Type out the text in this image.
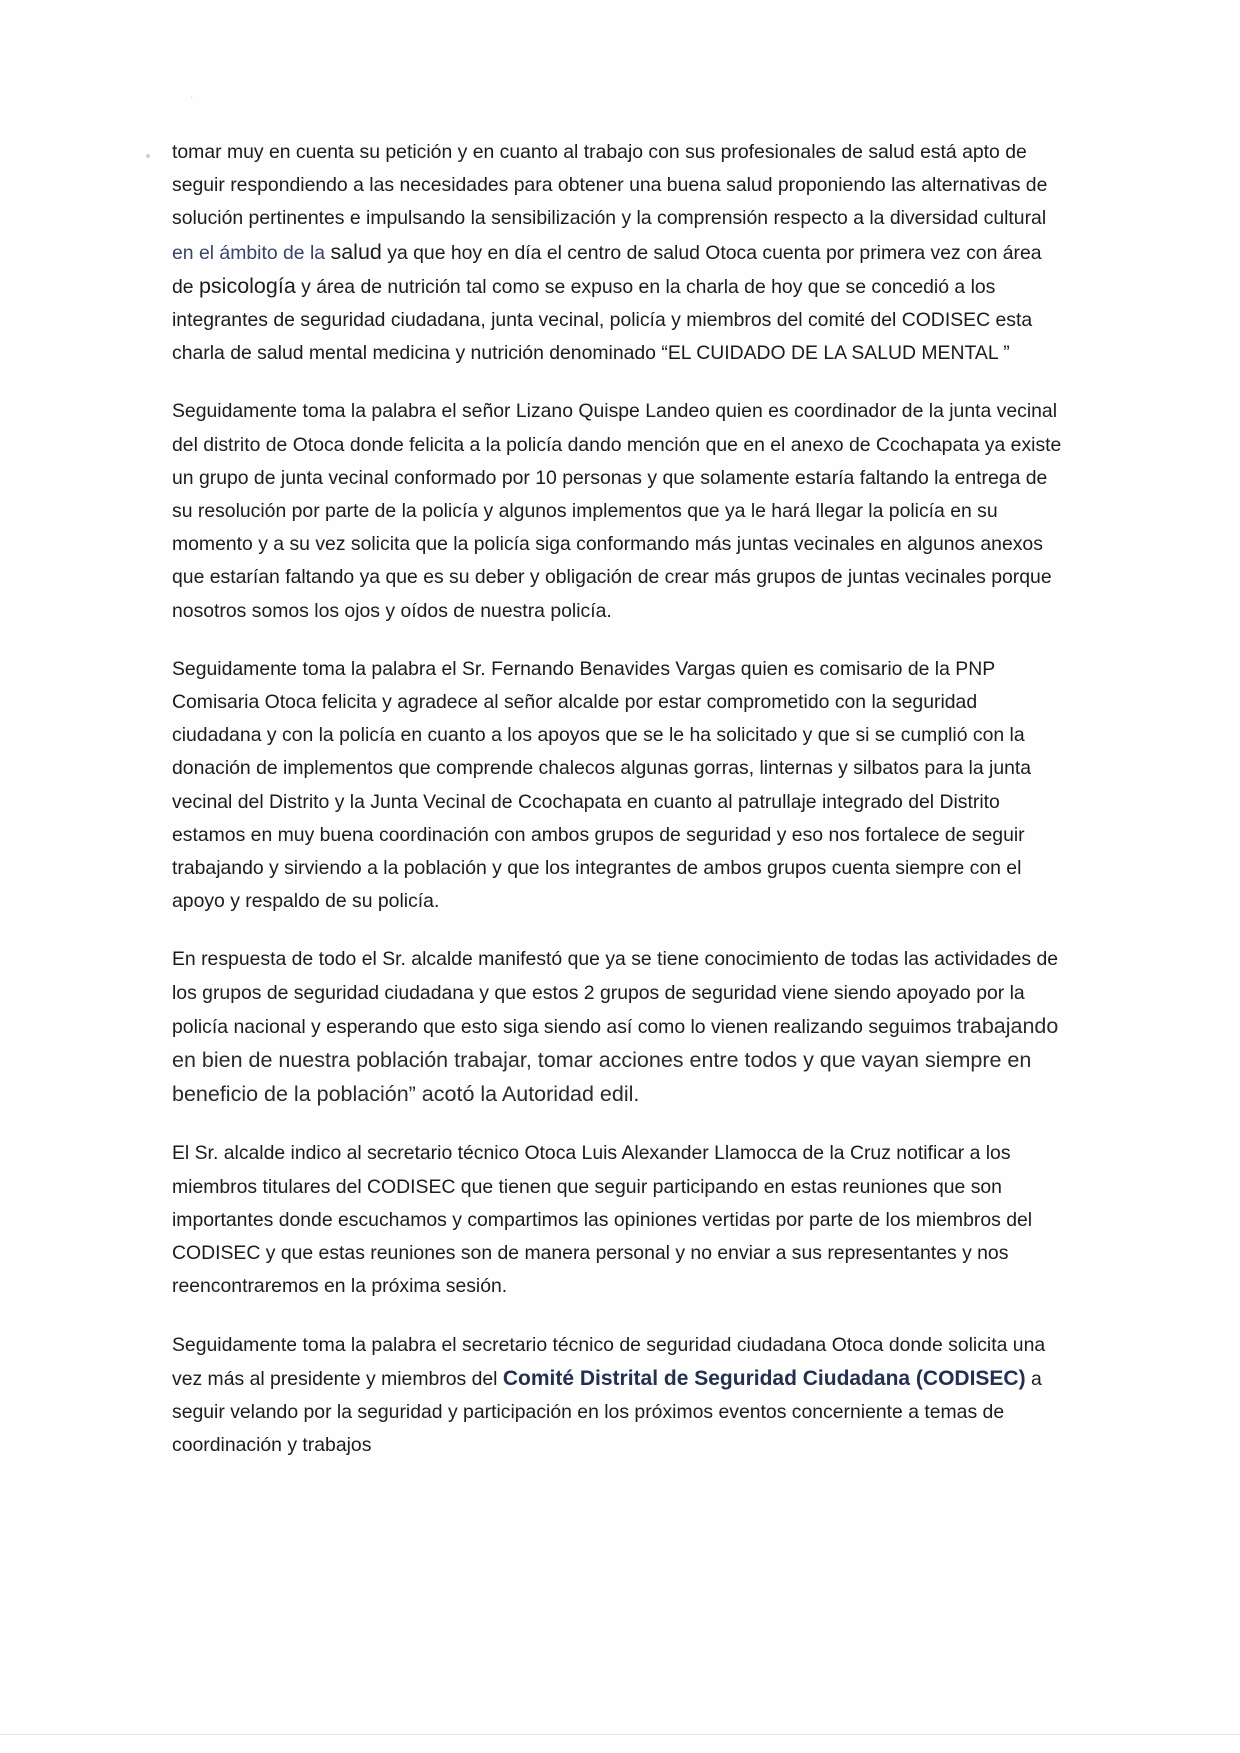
·

tomar muy en cuenta su petición y en cuanto al trabajo con sus profesionales de salud está apto de seguir respondiendo a las necesidades para obtener una buena salud proponiendo las alternativas de solución pertinentes e impulsando la sensibilización y la comprensión respecto a la diversidad cultural en el ámbito de la salud ya que hoy en día el centro de salud Otoca cuenta por primera vez con área de psicología y área de nutrición tal como se expuso en la charla de hoy que se concedió a los integrantes de seguridad ciudadana, junta vecinal, policía y miembros del comité del CODISEC esta charla de salud mental medicina y nutrición denominado “EL CUIDADO DE LA SALUD MENTAL ”

Seguidamente toma la palabra el señor Lizano Quispe Landeo quien es coordinador de la junta vecinal del distrito de Otoca donde felicita a la policía dando mención que en el anexo de Ccochapata ya existe un grupo de junta vecinal conformado por 10 personas y que solamente estaría faltando la entrega de su resolución por parte de la policía y algunos implementos que ya le hará llegar la policía en su momento y a su vez solicita que la policía siga conformando más juntas vecinales en algunos anexos que estarían faltando ya que es su deber y obligación de crear más grupos de juntas vecinales porque nosotros somos los ojos y oídos de nuestra policía.

Seguidamente toma la palabra el Sr. Fernando Benavides Vargas quien es comisario de la PNP Comisaria Otoca felicita y agradece al señor alcalde por estar comprometido con la seguridad ciudadana y con la policía en cuanto a los apoyos que se le ha solicitado y que si se cumplió con la donación de implementos que comprende chalecos algunas gorras, linternas y silbatos para la junta vecinal del Distrito y la Junta Vecinal de Ccochapata en cuanto al patrullaje integrado del Distrito estamos en muy buena coordinación con ambos grupos de seguridad y eso nos fortalece de seguir trabajando y sirviendo a la población y que los integrantes de ambos grupos cuenta siempre con el apoyo y respaldo de su policía.

En respuesta de todo el Sr. alcalde manifestó que ya se tiene conocimiento de todas las actividades de los grupos de seguridad ciudadana y que estos 2 grupos de seguridad viene siendo apoyado por la policía nacional y esperando que esto siga siendo así como lo vienen realizando seguimos trabajando en bien de nuestra población trabajar, tomar acciones entre todos y que vayan siempre en beneficio de la población” acotó la Autoridad edil.

El Sr. alcalde indico al secretario técnico Otoca Luis Alexander Llamocca de la Cruz notificar a los miembros titulares del CODISEC que tienen que seguir participando en estas reuniones que son importantes donde escuchamos y compartimos las opiniones vertidas por parte de los miembros del CODISEC y que estas reuniones son de manera personal y no enviar a sus representantes y nos reencontraremos en la próxima sesión.

Seguidamente toma la palabra el secretario técnico de seguridad ciudadana Otoca donde solicita una vez más al presidente y miembros del Comité Distrital de Seguridad Ciudadana (CODISEC) a seguir velando por la seguridad y participación en los próximos eventos concerniente a temas de coordinación y trabajos
